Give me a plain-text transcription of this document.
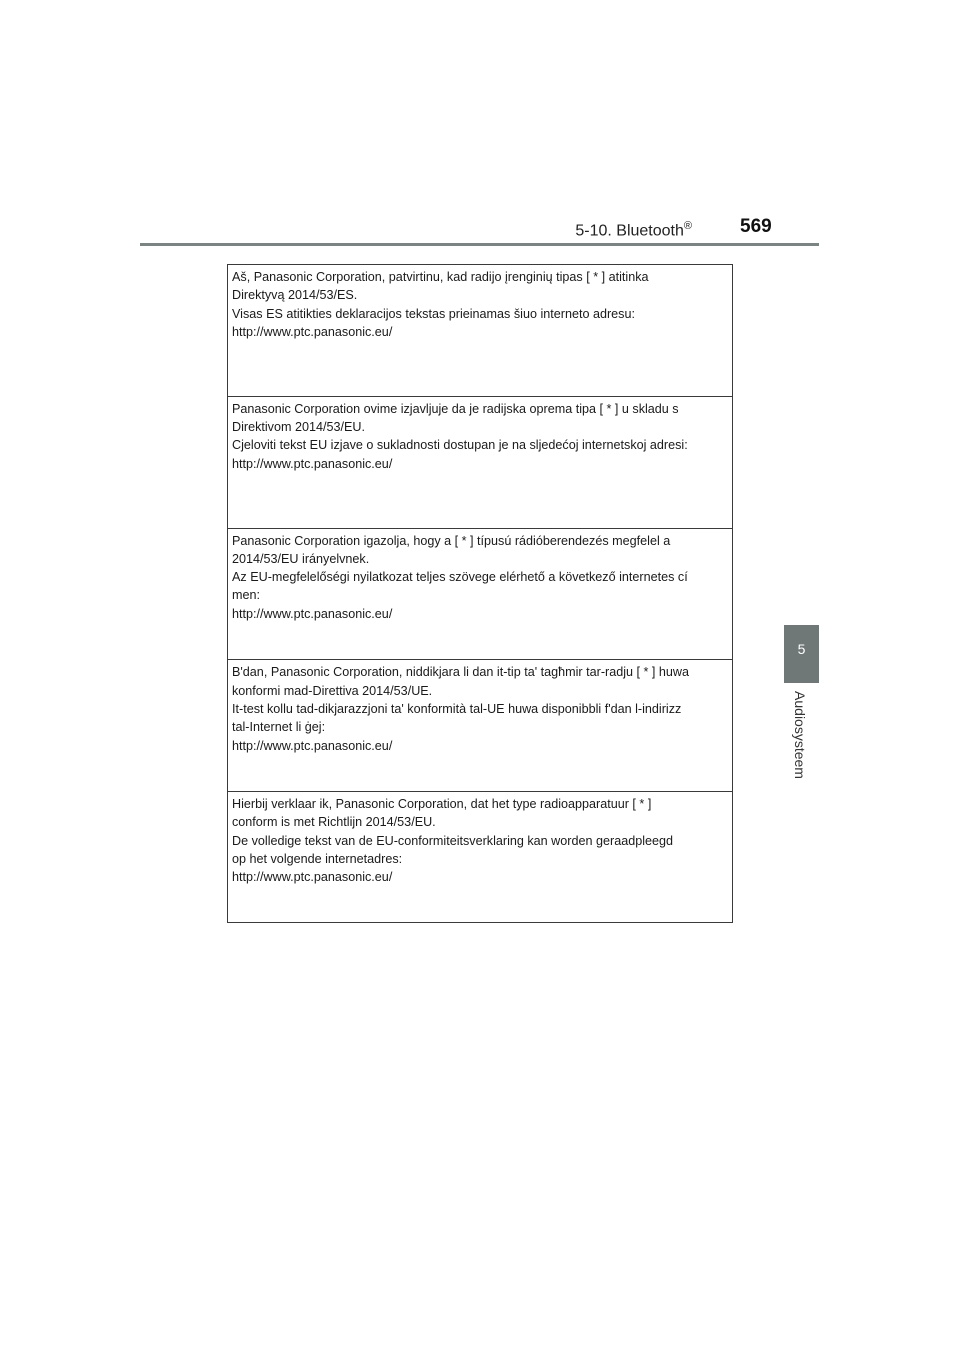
5-10. Bluetooth®	569
5
Audiosysteem
Aš, Panasonic Corporation, patvirtinu, kad radijo įrenginių tipas [ * ] atitinka
Direktyvą 2014/53/ES.
Visas ES atitikties deklaracijos tekstas prieinamas šiuo interneto adresu:
http://www.ptc.panasonic.eu/
Panasonic Corporation ovime izjavljuje da je radijska oprema tipa [ * ] u skladu s
Direktivom 2014/53/EU.
Cjeloviti tekst EU izjave o sukladnosti dostupan je na sljedećoj internetskoj adresi:
http://www.ptc.panasonic.eu/
Panasonic Corporation igazolja, hogy a [ * ] típusú rádióberendezés megfelel a
2014/53/EU irányelvnek.
Az EU-megfelelőségi nyilatkozat teljes szövege elérhető a következő internetes cí
men:
http://www.ptc.panasonic.eu/
B'dan, Panasonic Corporation, niddikjara li dan it-tip ta' tagħmir tar-radju [ * ] huwa
konformi mad-Direttiva 2014/53/UE.
It-test kollu tad-dikjarazzjoni ta' konformità tal-UE huwa disponibbli f'dan l-indirizz
tal-Internet li ġej:
http://www.ptc.panasonic.eu/
Hierbij verklaar ik, Panasonic Corporation, dat het type radioapparatuur [ * ]
conform is met Richtlijn 2014/53/EU.
De volledige tekst van de EU-conformiteitsverklaring kan worden geraadpleegd
op het volgende internetadres:
http://www.ptc.panasonic.eu/
